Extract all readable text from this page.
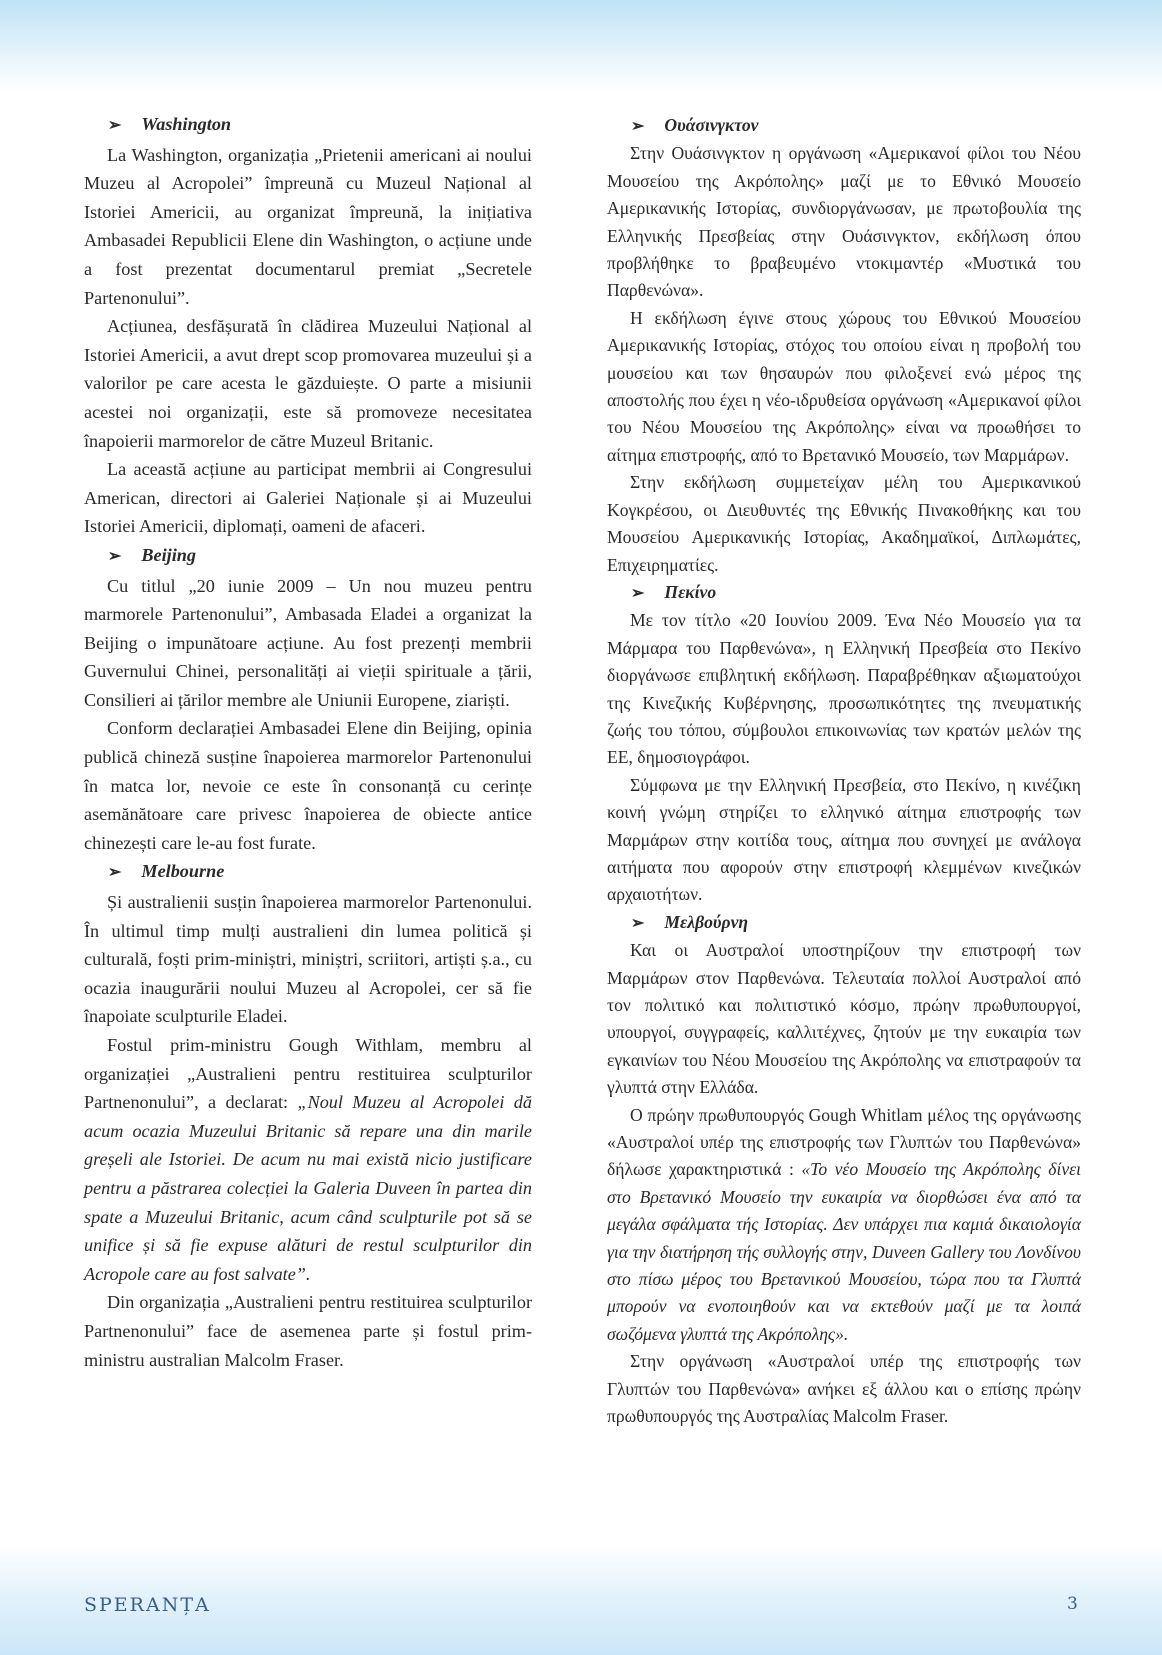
➢ Washington

La Washington, organizația „Prietenii americani ai noului Muzeu al Acropolei” împreună cu Muzeul Național al Istoriei Americii, au organizat împreună, la inițiativa Ambasadei Republicii Elene din Washington, o acțiune unde a fost prezentat documentarul premiat „Secretele Partenonului”.

Acțiunea, desfășurată în clădirea Muzeului Național al Istoriei Americii, a avut drept scop promovarea muzeului și a valorilor pe care acesta le găzduiește. O parte a misiunii acestei noi organizații, este să promoveze necesitatea înapoierii marmorelor de către Muzeul Britanic.

La această acțiune au participat membrii ai Congresului American, directori ai Galeriei Naționale și ai Muzeului Istoriei Americii, diplomați, oameni de afaceri.

➢ Beijing

Cu titlul „20 iunie 2009 – Un nou muzeu pentru marmorele Partenonului”, Ambasada Eladei a organizat la Beijing o impunătoare acțiune. Au fost prezenți membrii Guvernului Chinei, personalități ai vieții spirituale a țării, Consilieri ai țărilor membre ale Uniunii Europene, ziariști.

Conform declarației Ambasadei Elene din Beijing, opinia publică chineză susține înapoierea marmorelor Partenonului în matca lor, nevoie ce este în consonanță cu cerințe asemănătoare care privesc înapoierea de obiecte antice chinezești care le-au fost furate.

➢ Melbourne

Și australienii susțin înapoierea marmorelor Partenonului. În ultimul timp mulți australieni din lumea politică și culturală, foști prim-miniștri, miniștri, scriitori, artiști ș.a., cu ocazia inaugurării noului Muzeu al Acropolei, cer să fie înapoiate sculpturile Eladei.

Fostul prim-ministru Gough Withlam, membru al organizației „Australieni pentru restituirea sculpturilor Partnenonului”, a declarat: „Noul Muzeu al Acropolei dă acum ocazia Muzeului Britanic să repare una din marile greșeli ale Istoriei. De acum nu mai există nicio justificare pentru a păstrarea colecției la Galeria Duveen în partea din spate a Muzeului Britanic, acum când sculpturile pot să se unifice și să fie expuse alături de restul sculpturilor din Acropole care au fost salvate”.

Din organizația „Australieni pentru restituirea sculpturilor Partnenonului” face de asemenea parte și fostul prim-ministru australian Malcolm Fraser.

➢ Ουάσινγκτον

Στην Ουάσινγκτον η οργάνωση «Αμερικανοί φίλοι του Νέου Μουσείου της Ακρόπολης» μαζί με το Εθνικό Μουσείο Αμερικανικής Ιστορίας, συνδιοργάνωσαν, με πρωτοβουλία της Ελληνικής Πρεσβείας στην Ουάσινγκτον, εκδήλωση όπου προβλήθηκε το βραβευμένο ντοκιμαντέρ «Μυστικά του Παρθενώνα».

Η εκδήλωση έγινε στους χώρους του Εθνικού Μουσείου Αμερικανικής Ιστορίας, στόχος του οποίου είναι η προβολή του μουσείου και των θησαυρών που φιλοξενεί ενώ μέρος της αποστολής που έχει η νέο-ιδρυθείσα οργάνωση «Αμερικανοί φίλοι του Νέου Μουσείου της Ακρόπολης» είναι να προωθήσει το αίτημα επιστροφής, από το Βρετανικό Μουσείο, των Μαρμάρων.

Στην εκδήλωση συμμετείχαν μέλη του Αμερικανικού Κογκρέσου, οι Διευθυντές της Εθνικής Πινακοθήκης και του Μουσείου Αμερικανικής Ιστορίας, Ακαδημαϊκοί, Διπλωμάτες, Επιχειρηματίες.

➢ Πεκίνο

Με τον τίτλο «20 Ιουνίου 2009. Ένα Νέο Μουσείο για τα Μάρμαρα του Παρθενώνα», η Ελληνική Πρεσβεία στο Πεκίνο διοργάνωσε επιβλητική εκδήλωση. Παραβρέθηκαν αξιωματούχοι της Κινεζικής Κυβέρνησης, προσωπικότητες της πνευματικής ζωής του τόπου, σύμβουλοι επικοινωνίας των κρατών μελών της ΕΕ, δημοσιογράφοι.

Σύμφωνα με την Ελληνική Πρεσβεία, στο Πεκίνο, η κινέζικη κοινή γνώμη στηρίζει το ελληνικό αίτημα επιστροφής των Μαρμάρων στην κοιτίδα τους, αίτημα που συνηχεί με ανάλογα αιτήματα που αφορούν στην επιστροφή κλεμμένων κινεζικών αρχαιοτήτων.

➢ Μελβούρνη

Και οι Αυστραλοί υποστηρίζουν την επιστροφή των Μαρμάρων στον Παρθενώνα. Τελευταία πολλοί Αυστραλοί από τον πολιτικό και πολιτιστικό κόσμο, πρώην πρωθυπουργοί, υπουργοί, συγγραφείς, καλλιτέχνες, ζητούν με την ευκαιρία των εγκαινίων του Νέου Μουσείου της Ακρόπολης να επιστραφούν τα γλυπτά στην Ελλάδα.

Ο πρώην πρωθυπουργός Gough Whitlam μέλος της οργάνωσης «Αυστραλοί υπέρ της επιστροφής των Γλυπτών του Παρθενώνα» δήλωσε χαρακτηριστικά : «Το νέο Μουσείο της Ακρόπολης δίνει στο Βρετανικό Μουσείο την ευκαιρία να διορθώσει ένα από τα μεγάλα σφάλματα τής Ιστορίας. Δεν υπάρχει πια καμιά δικαιολογία για την διατήρηση τής συλλογής στην, Duveen Gallery του Λονδίνου στο πίσω μέρος του Βρετανικού Μουσείου, τώρα που τα Γλυπτά μπορούν να ενοποιηθούν και να εκτεθούν μαζί με τα λοιπά σωζόμενα γλυπτά της Ακρόπολης».

Στην οργάνωση «Αυστραλοί υπέρ της επιστροφής των Γλυπτών του Παρθενώνα» ανήκει εξ άλλου και ο επίσης πρώην πρωθυπουργός της Αυστραλίας Malcolm Fraser.

SPERANȚA	3
